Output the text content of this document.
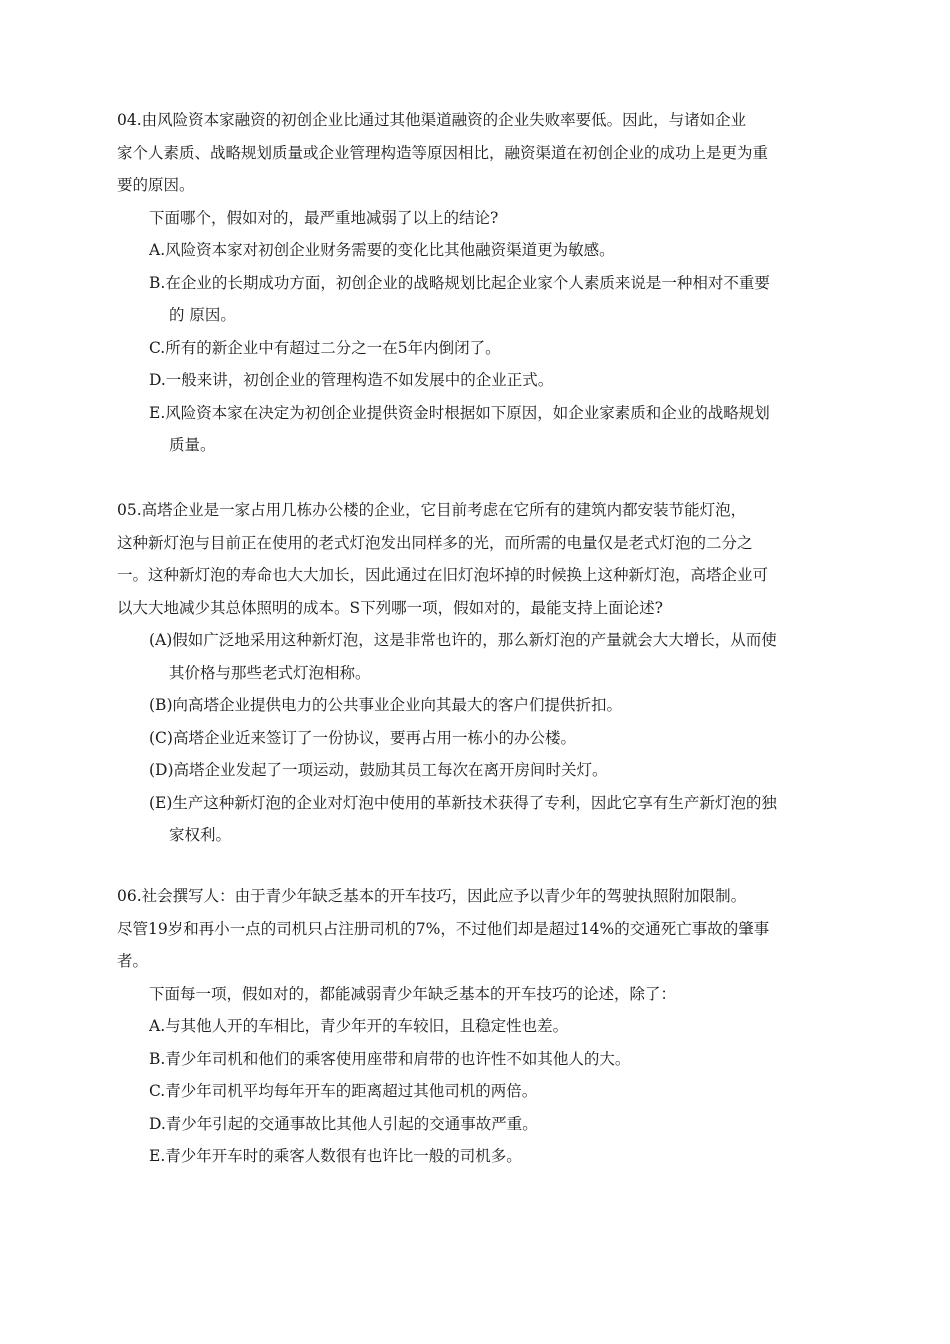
04.由风险资本家融资的初创企业比通过其他渠道融资的企业失败率要低。因此，与诸如企业
家个人素质、战略规划质量或企业管理构造等原因相比，融资渠道在初创企业的成功上是更为重
要的原因。
下面哪个，假如对的，最严重地减弱了以上的结论?
A.风险资本家对初创企业财务需要的变化比其他融资渠道更为敏感。
B.在企业的长期成功方面，初创企业的战略规划比起企业家个人素质来说是一种相对不重要
的 原因。
C.所有的新企业中有超过二分之一在5年内倒闭了。
D.一般来讲，初创企业的管理构造不如发展中的企业正式。
E.风险资本家在决定为初创企业提供资金时根据如下原因，如企业家素质和企业的战略规划
质量。
05.高塔企业是一家占用几栋办公楼的企业，它目前考虑在它所有的建筑内都安装节能灯泡，
这种新灯泡与目前正在使用的老式灯泡发出同样多的光，而所需的电量仅是老式灯泡的二分之
一。这种新灯泡的寿命也大大加长，因此通过在旧灯泡坏掉的时候换上这种新灯泡，高塔企业可
以大大地减少其总体照明的成本。S下列哪一项，假如对的，最能支持上面论述?
(A)假如广泛地采用这种新灯泡，这是非常也许的，那么新灯泡的产量就会大大增长，从而使
其价格与那些老式灯泡相称。
(B)向高塔企业提供电力的公共事业企业向其最大的客户们提供折扣。
(C)高塔企业近来签订了一份协议，要再占用一栋小的办公楼。
(D)高塔企业发起了一项运动，鼓励其员工每次在离开房间时关灯。
(E)生产这种新灯泡的企业对灯泡中使用的革新技术获得了专利，因此它享有生产新灯泡的独
家权利。
06.社会撰写人：由于青少年缺乏基本的开车技巧，因此应予以青少年的驾驶执照附加限制。
尽管19岁和再小一点的司机只占注册司机的7%，不过他们却是超过14%的交通死亡事故的肇事
者。
下面每一项，假如对的，都能减弱青少年缺乏基本的开车技巧的论述，除了：
A.与其他人开的车相比，青少年开的车较旧，且稳定性也差。
B.青少年司机和他们的乘客使用座带和肩带的也许性不如其他人的大。
C.青少年司机平均每年开车的距离超过其他司机的两倍。
D.青少年引起的交通事故比其他人引起的交通事故严重。
E.青少年开车时的乘客人数很有也许比一般的司机多。
